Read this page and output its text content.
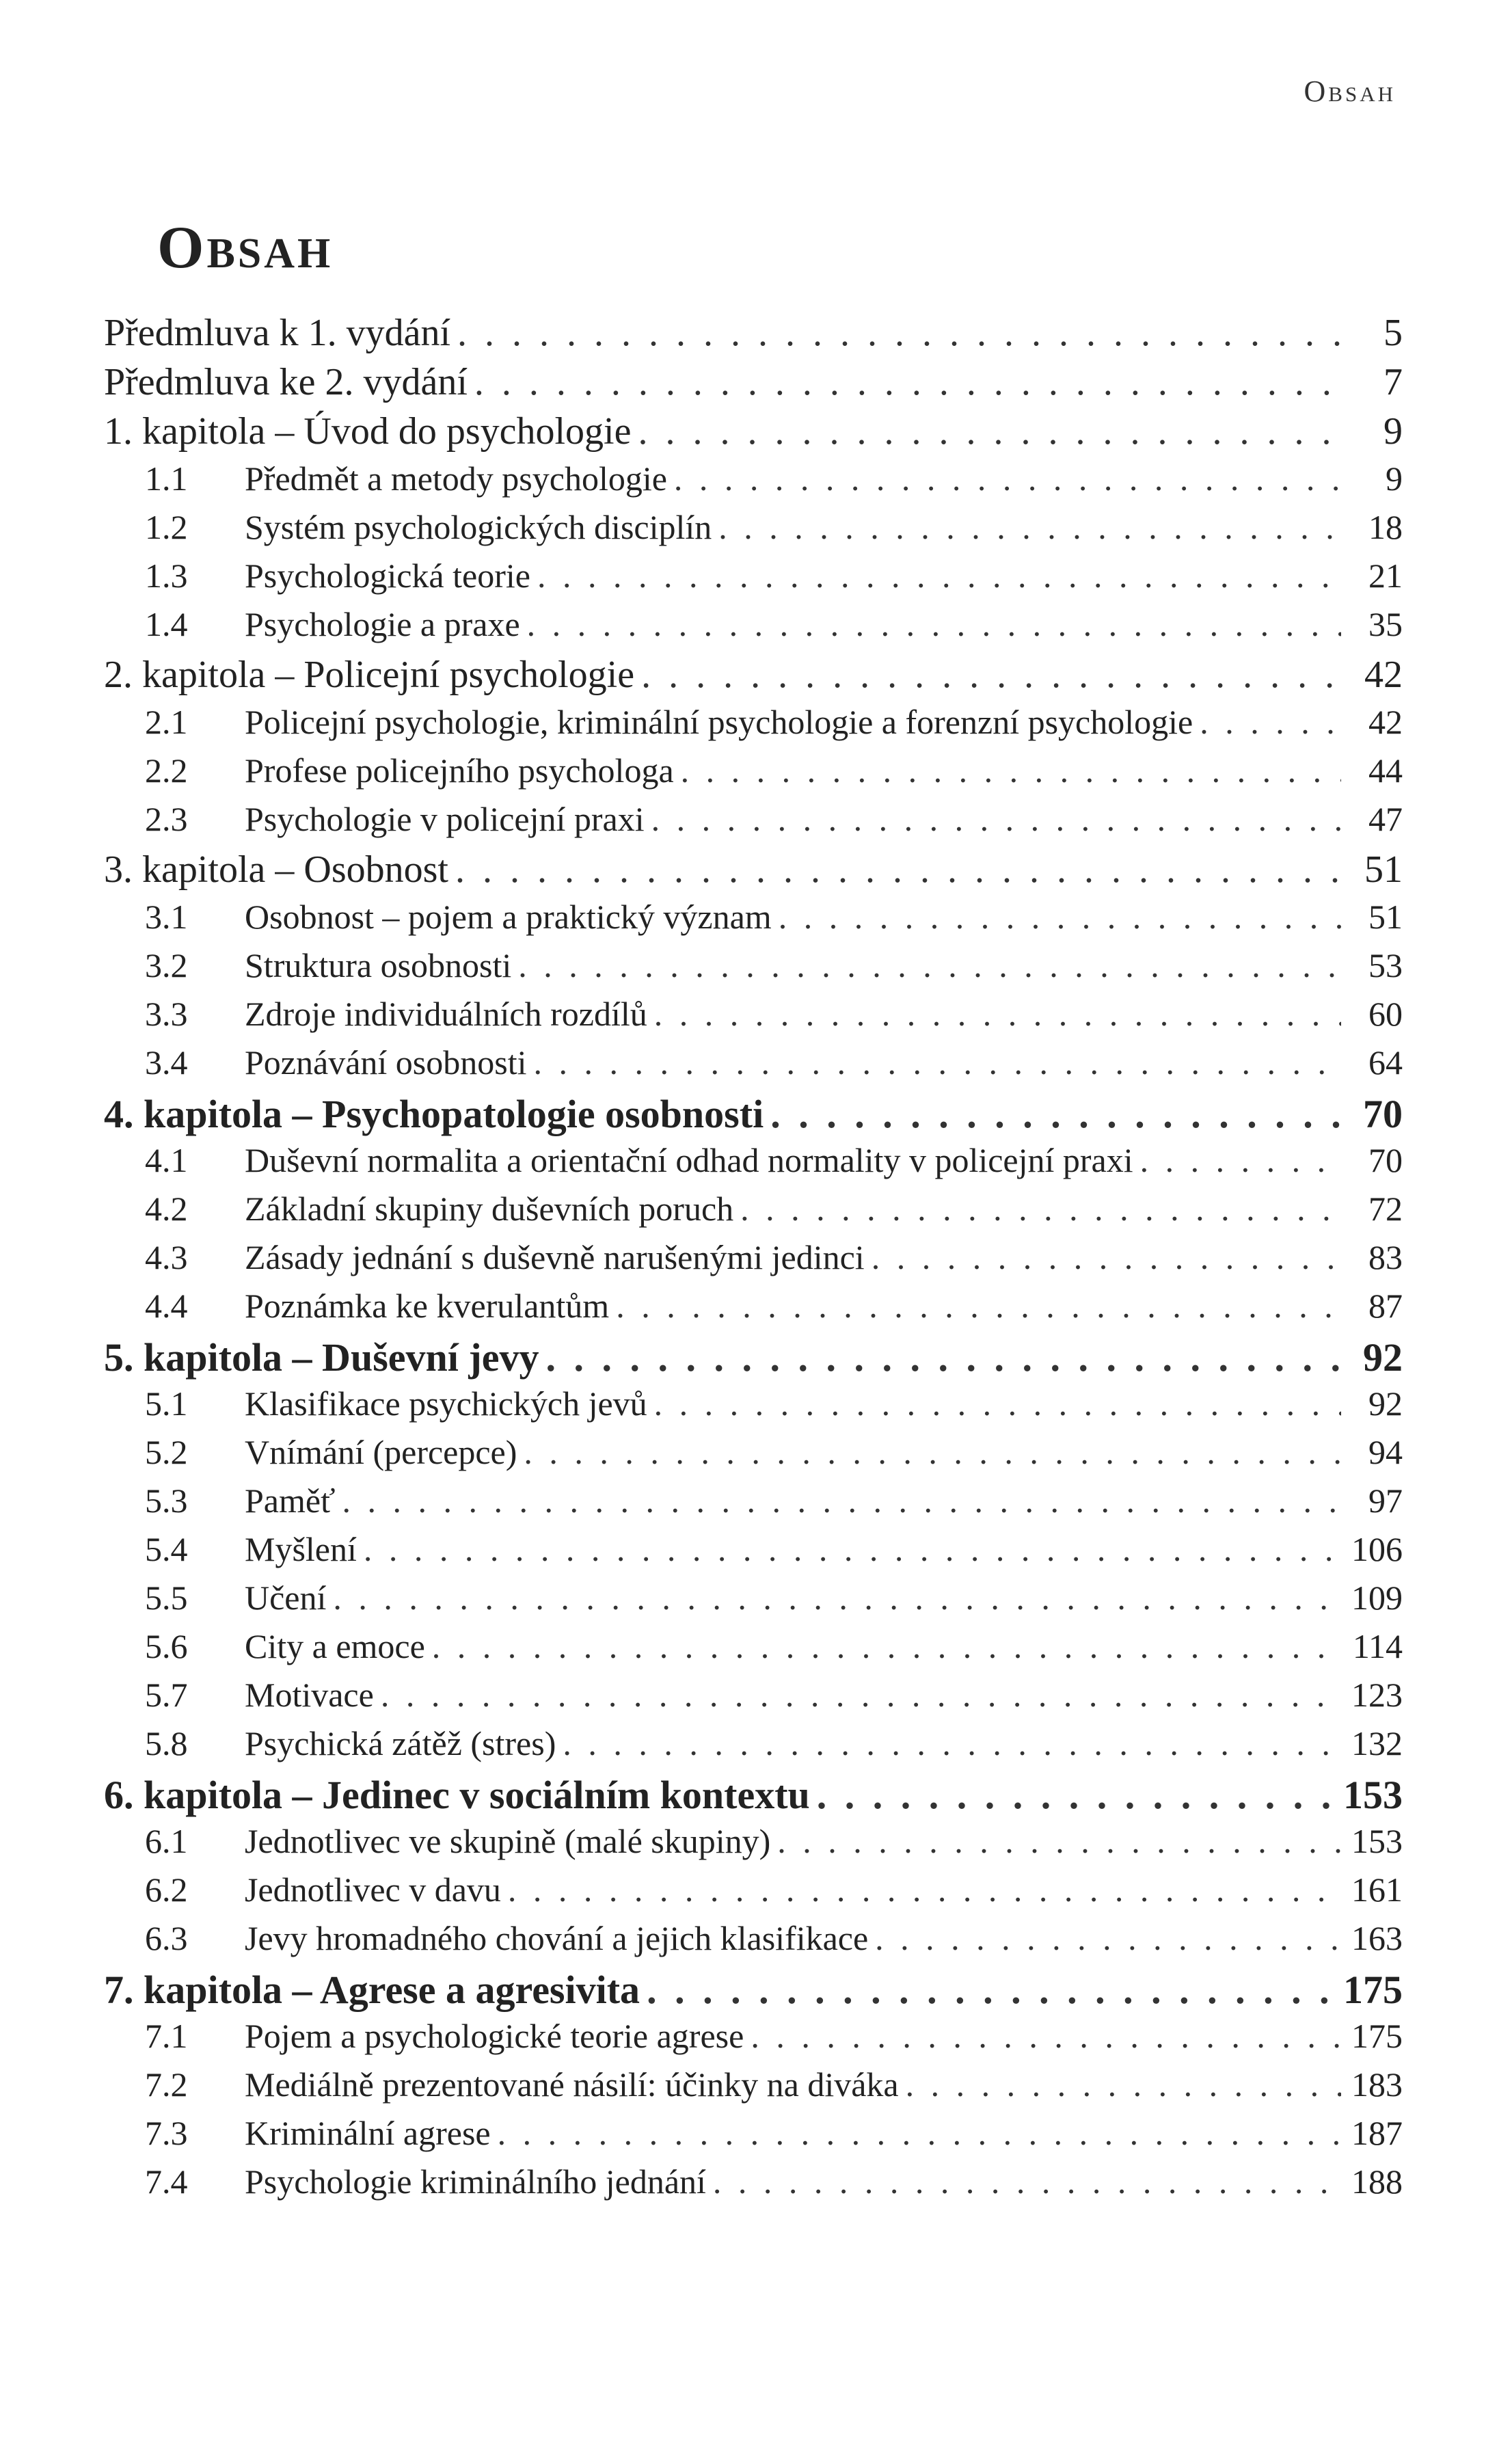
Obsah
Obsah
Předmluva k 1. vydání . . .	5
Předmluva ke 2. vydání . . .	7
1. kapitola – Úvod do psychologie . . .	9
1.1	Předmět a metody psychologie . . .	9
1.2	Systém psychologických disciplín . . .	18
1.3	Psychologická teorie . . .	21
1.4	Psychologie a praxe . . .	35
2. kapitola – Policejní psychologie . . .	42
2.1	Policejní psychologie, kriminální psychologie a forenzní psychologie . . .	42
2.2	Profese policejního psychologa . . .	44
2.3	Psychologie v policejní praxi . . .	47
3. kapitola – Osobnost . . .	51
3.1	Osobnost – pojem a praktický význam . . .	51
3.2	Struktura osobnosti . . .	53
3.3	Zdroje individuálních rozdílů . . .	60
3.4	Poznávání osobnosti . . .	64
4. kapitola – Psychopatologie osobnosti . . .	70
4.1	Duševní normalita a orientační odhad normality v policejní praxi . . .	70
4.2	Základní skupiny duševních poruch . . .	72
4.3	Zásady jednání s duševně narušenými jedinci . . .	83
4.4	Poznámka ke kverulantům . . .	87
5. kapitola – Duševní jevy . . .	92
5.1	Klasifikace psychických jevů . . .	92
5.2	Vnímání (percepce) . . .	94
5.3	Paměť . . .	97
5.4	Myšlení . . .	106
5.5	Učení . . .	109
5.6	City a emoce . . .	114
5.7	Motivace . . .	123
5.8	Psychická zátěž (stres) . . .	132
6. kapitola – Jedinec v sociálním kontextu . . .	153
6.1	Jednotlivec ve skupině (malé skupiny) . . .	153
6.2	Jednotlivec v davu . . .	161
6.3	Jevy hromadného chování a jejich klasifikace . . .	163
7. kapitola – Agrese a agresivita . . .	175
7.1	Pojem a psychologické teorie agrese . . .	175
7.2	Mediálně prezentované násilí: účinky na diváka . . .	183
7.3	Kriminální agrese . . .	187
7.4	Psychologie kriminálního jednání . . .	188
